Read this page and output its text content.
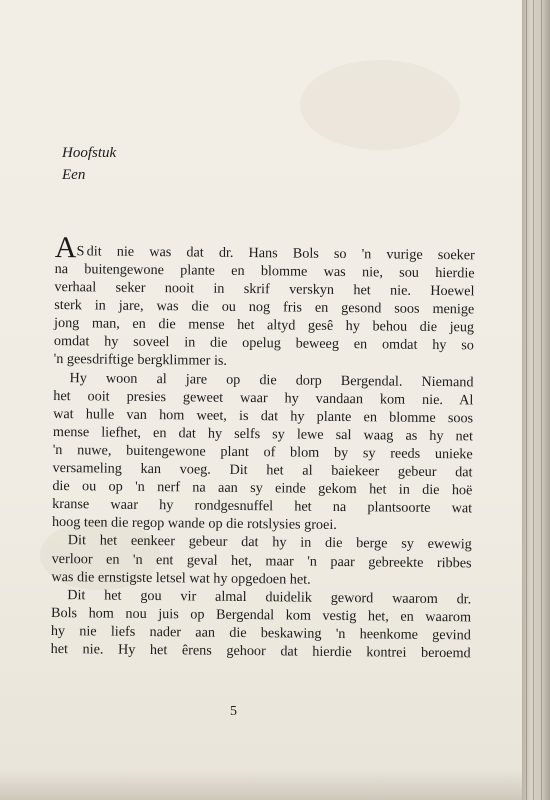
Hoofstuk
Een
A S dit nie was dat dr. Hans Bols so 'n vurige soeker
na buitengewone plante en blomme was nie, sou hierdie
verhaal seker nooit in skrif verskyn het nie. Hoewel
sterk in jare, was die ou nog fris en gesond soos menige
jong man, en die mense het altyd gesê hy behou die jeug
omdat hy soveel in die opelug beweeg en omdat hy so
'n geesdriftige bergklimmer is.
Hy woon al jare op die dorp Bergendal. Niemand
het ooit presies geweet waar hy vandaan kom nie. Al
wat hulle van hom weet, is dat hy plante en blomme soos
mense liefhet, en dat hy selfs sy lewe sal waag as hy net
'n nuwe, buitengewone plant of blom by sy reeds unieke
versameling kan voeg. Dit het al baiekeer gebeur dat
die ou op 'n nerf na aan sy einde gekom het in die hoë
kranse waar hy rondgesnuffel het na plantsoorte wat
hoog teen die regop wande op die rotslysies groei.
Dit het eenkeer gebeur dat hy in die berge sy ewewig
verloor en 'n ent geval het, maar 'n paar gebreekte ribbes
was die ernstigste letsel wat hy opgedoen het.
Dit het gou vir almal duidelik geword waarom dr.
Bols hom nou juis op Bergendal kom vestig het, en waarom
hy nie liefs nader aan die beskawing 'n heenkome gevind
het nie. Hy het êrens gehoor dat hierdie kontrei beroemd
5
